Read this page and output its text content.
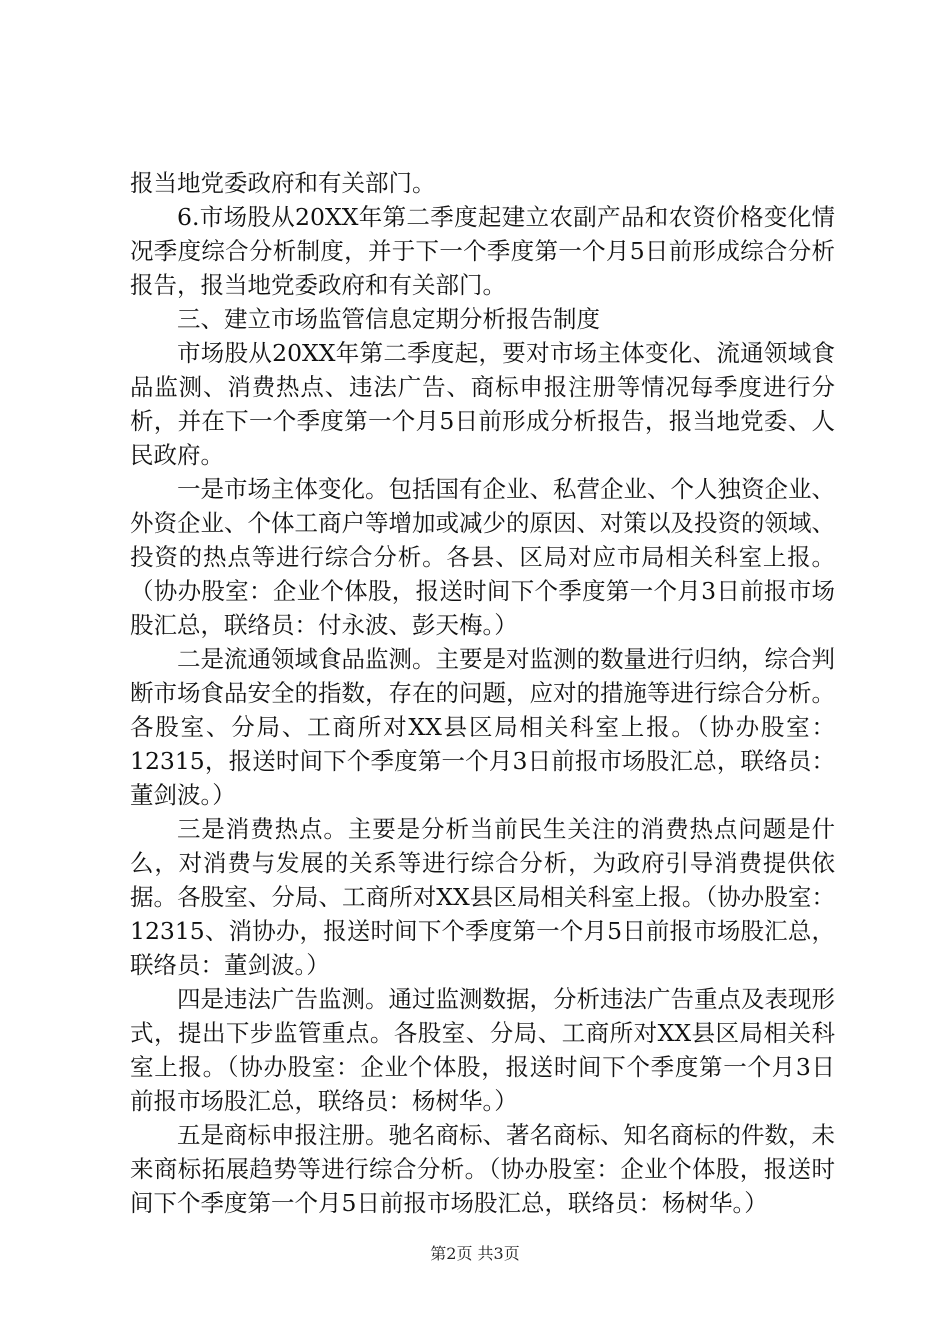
报当地党委政府和有关部门。

6.市场股从20XX年第二季度起建立农副产品和农资价格变化情况季度综合分析制度，并于下一个季度第一个月5日前形成综合分析报告，报当地党委政府和有关部门。

三、建立市场监管信息定期分析报告制度

市场股从20XX年第二季度起，要对市场主体变化、流通领域食品监测、消费热点、违法广告、商标申报注册等情况每季度进行分析，并在下一个季度第一个月5日前形成分析报告，报当地党委、人民政府。

一是市场主体变化。包括国有企业、私营企业、个人独资企业、外资企业、个体工商户等增加或减少的原因、对策以及投资的领域、投资的热点等进行综合分析。各县、区局对应市局相关科室上报。（协办股室：企业个体股，报送时间下个季度第一个月3日前报市场股汇总，联络员：付永波、彭天梅。）

二是流通领域食品监测。主要是对监测的数量进行归纳，综合判断市场食品安全的指数，存在的问题，应对的措施等进行综合分析。各股室、分局、工商所对XX县区局相关科室上报。（协办股室：12315，报送时间下个季度第一个月3日前报市场股汇总，联络员：董剑波。）

三是消费热点。主要是分析当前民生关注的消费热点问题是什么，对消费与发展的关系等进行综合分析，为政府引导消费提供依据。各股室、分局、工商所对XX县区局相关科室上报。（协办股室：12315、消协办，报送时间下个季度第一个月5日前报市场股汇总，联络员：董剑波。）

四是违法广告监测。通过监测数据，分析违法广告重点及表现形式，提出下步监管重点。各股室、分局、工商所对XX县区局相关科室上报。（协办股室：企业个体股，报送时间下个季度第一个月3日前报市场股汇总，联络员：杨树华。）

五是商标申报注册。驰名商标、著名商标、知名商标的件数，未来商标拓展趋势等进行综合分析。（协办股室：企业个体股，报送时间下个季度第一个月5日前报市场股汇总，联络员：杨树华。）

第2页 共3页
